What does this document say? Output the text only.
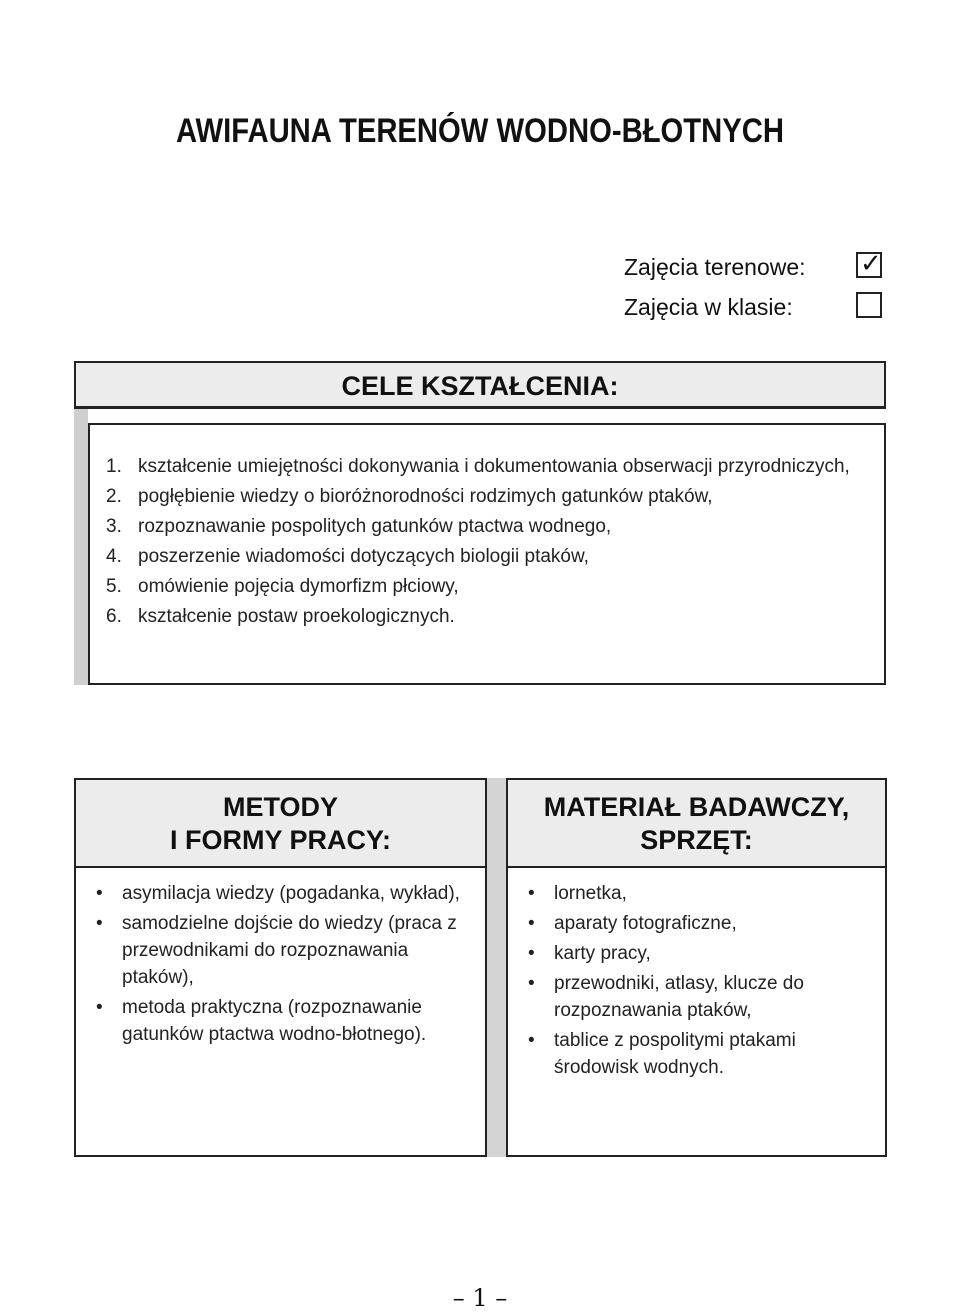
AWIFAUNA TERENÓW WODNO-BŁOTNYCH
Zajęcia terenowe: ✓
Zajęcia w klasie:
CELE KSZTAŁCENIA:
1. kształcenie umiejętności dokonywania i dokumentowania obserwacji przyrodniczych,
2. pogłębienie wiedzy o bioróżnorodności rodzimych gatunków ptaków,
3. rozpoznawanie pospolitych gatunków ptactwa wodnego,
4. poszerzenie wiadomości dotyczących biologii ptaków,
5. omówienie pojęcia dymorfizm płciowy,
6. kształcenie postaw proekologicznych.
METODY
I FORMY PRACY:
• asymilacja wiedzy (pogadanka, wykład),
• samodzielne dojście do wiedzy (praca z przewodnikami do rozpoznawania ptaków),
• metoda praktyczna (rozpoznawanie gatunków ptactwa wodno-błotnego).
MATERIAŁ BADAWCZY,
SPRZĘT:
• lornetka,
• aparaty fotograficzne,
• karty pracy,
• przewodniki, atlasy, klucze do rozpoznawania ptaków,
• tablice z pospolitymi ptakami środowisk wodnych.
– 1 –
